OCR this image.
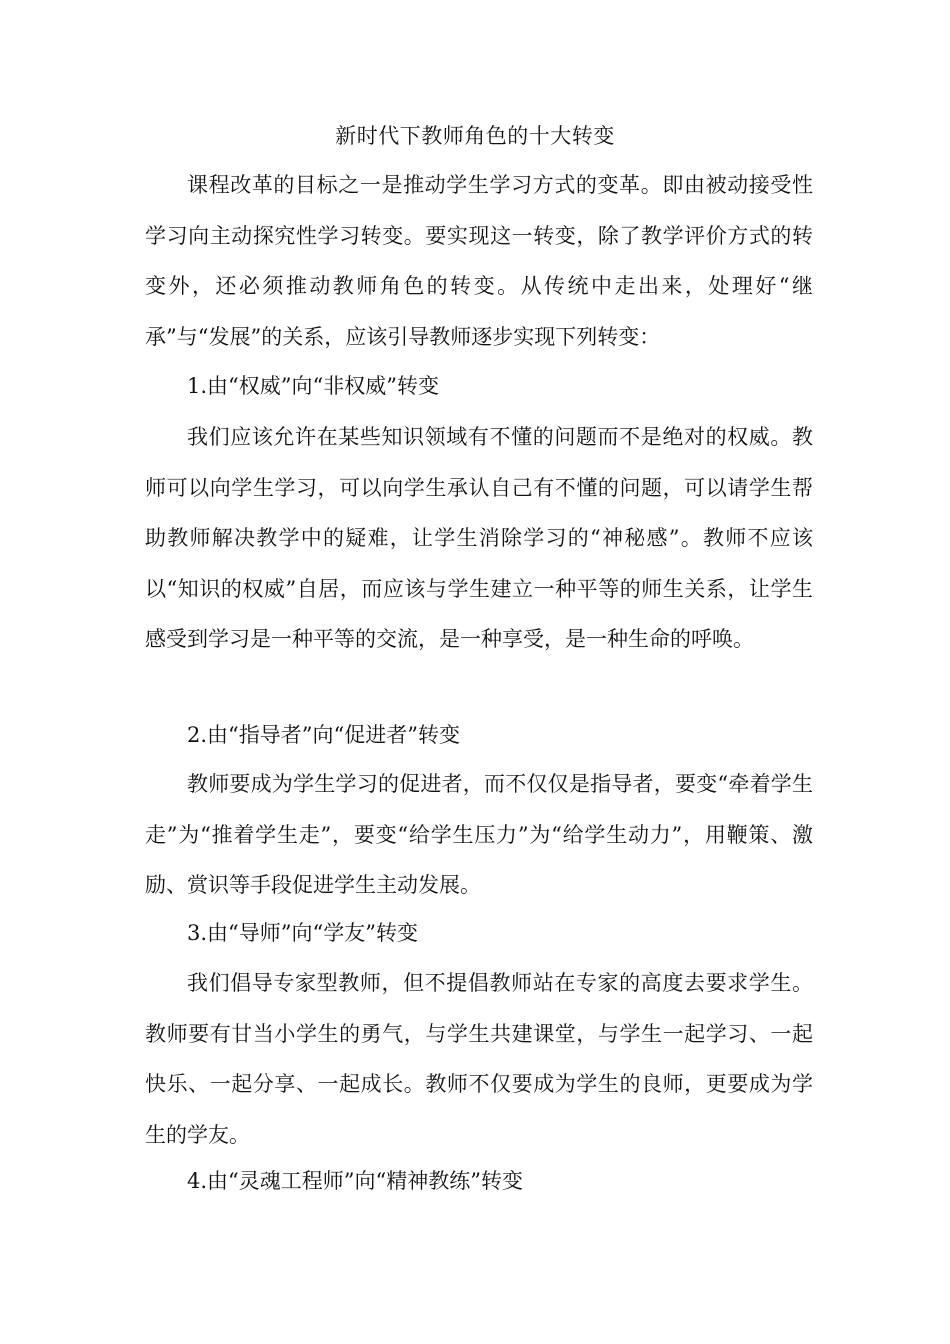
新时代下教师角色的十大转变

课程改革的目标之一是推动学生学习方式的变革。即由被动接受性学习向主动探究性学习转变。要实现这一转变，除了教学评价方式的转变外，还必须推动教师角色的转变。从传统中走出来，处理好“继承”与“发展”的关系，应该引导教师逐步实现下列转变：

1.由“权威”向“非权威”转变

我们应该允许在某些知识领域有不懂的问题而不是绝对的权威。教师可以向学生学习，可以向学生承认自己有不懂的问题，可以请学生帮助教师解决教学中的疑难，让学生消除学习的“神秘感”。教师不应该以“知识的权威”自居，而应该与学生建立一种平等的师生关系，让学生感受到学习是一种平等的交流，是一种享受，是一种生命的呼唤。

2.由“指导者”向“促进者”转变

教师要成为学生学习的促进者，而不仅仅是指导者，要变“牵着学生走”为“推着学生走”，要变“给学生压力”为“给学生动力”，用鞭策、激励、赏识等手段促进学生主动发展。

3.由“导师”向“学友”转变

我们倡导专家型教师，但不提倡教师站在专家的高度去要求学生。教师要有甘当小学生的勇气，与学生共建课堂，与学生一起学习、一起快乐、一起分享、一起成长。教师不仅要成为学生的良师，更要成为学生的学友。

4.由“灵魂工程师”向“精神教练”转变
